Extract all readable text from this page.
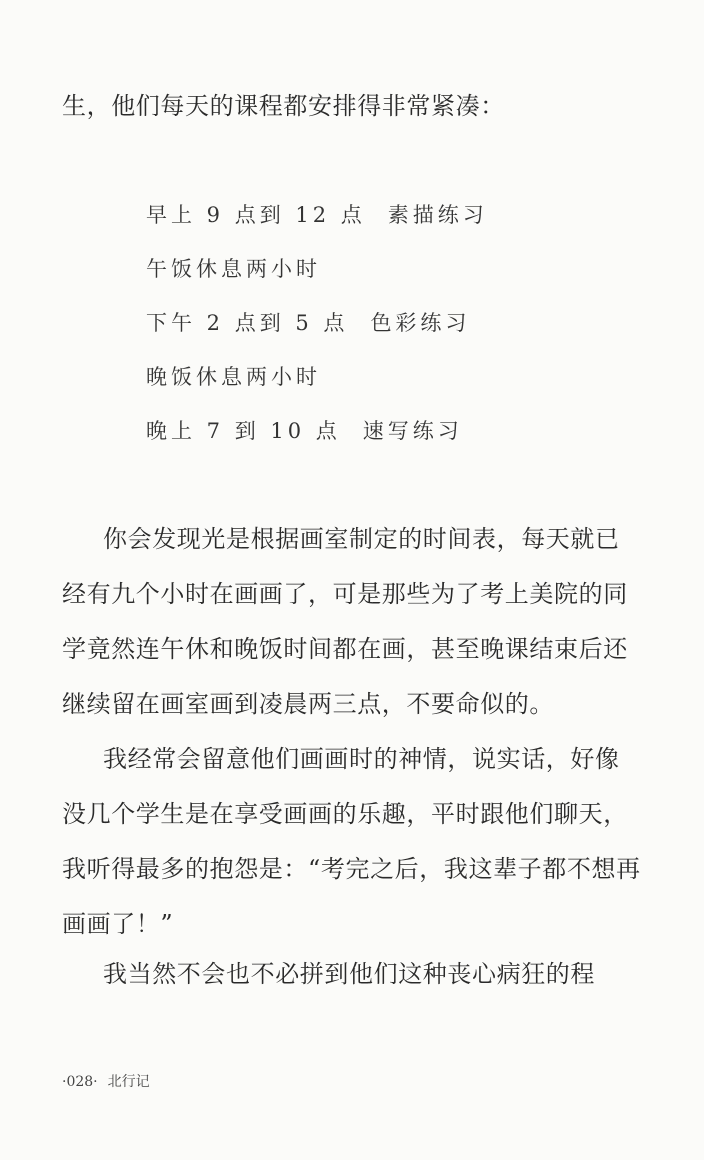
生，他们每天的课程都安排得非常紧凑：
早上 9 点到 12 点 素描练习
午饭休息两小时
下午 2 点到 5 点 色彩练习
晚饭休息两小时
晚上 7 到 10 点 速写练习
你会发现光是根据画室制定的时间表，每天就已
经有九个小时在画画了，可是那些为了考上美院的同
学竟然连午休和晚饭时间都在画，甚至晚课结束后还
继续留在画室画到凌晨两三点，不要命似的。
我经常会留意他们画画时的神情，说实话，好像
没几个学生是在享受画画的乐趣，平时跟他们聊天，
我听得最多的抱怨是：“考完之后，我这辈子都不想再
画画了！”
我当然不会也不必拼到他们这种丧心病狂的程
·028· 北行记
